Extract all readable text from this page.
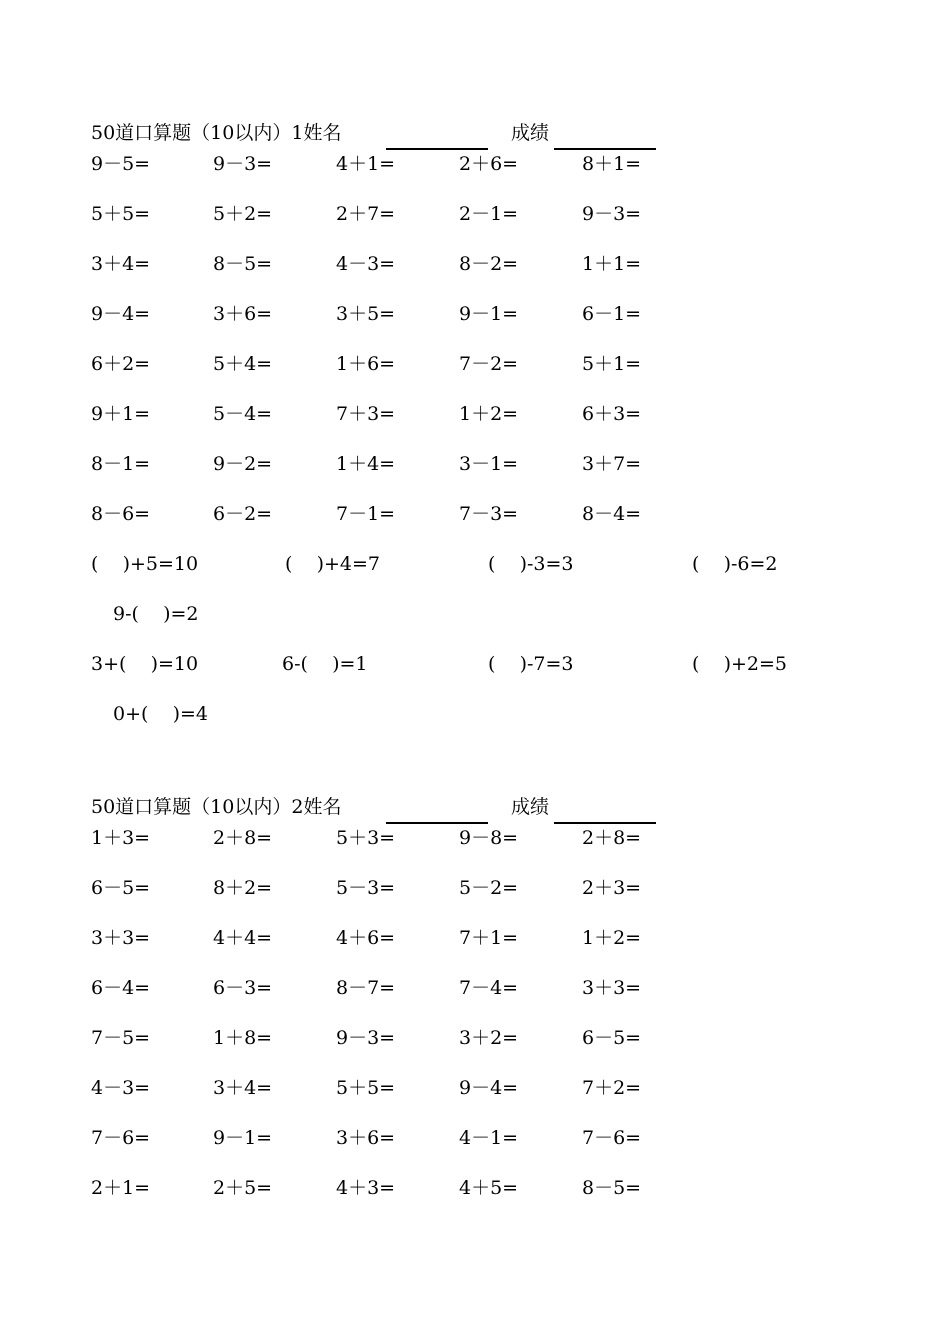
50道口算题（10以内）1姓名	成绩
9－5=	9－3=	4＋1=	2＋6=	8＋1=
5＋5=	5＋2=	2＋7=	2－1=	9－3=
3＋4=	8－5=	4－3=	8－2=	1＋1=
9－4=	3＋6=	3＋5=	9－1=	6－1=
6＋2=	5＋4=	1＋6=	7－2=	5＋1=
9＋1=	5－4=	7＋3=	1＋2=	6＋3=
8－1=	9－2=	1＋4=	3－1=	3＋7=
8－6=	6－2=	7－1=	7－3=	8－4=
(    )+5=10	(    )+4=7	(    )-3=3	(    )-6=2
9-(    )=2
3+(    )=10	6-(    )=1	(    )-7=3	(    )+2=5
0+(    )=4
50道口算题（10以内）2姓名	成绩
1＋3=	2＋8=	5＋3=	9－8=	2＋8=
6－5=	8＋2=	5－3=	5－2=	2＋3=
3＋3=	4＋4=	4＋6=	7＋1=	1＋2=
6－4=	6－3=	8－7=	7－4=	3＋3=
7－5=	1＋8=	9－3=	3＋2=	6－5=
4－3=	3＋4=	5＋5=	9－4=	7＋2=
7－6=	9－1=	3＋6=	4－1=	7－6=
2＋1=	2＋5=	4＋3=	4＋5=	8－5=
